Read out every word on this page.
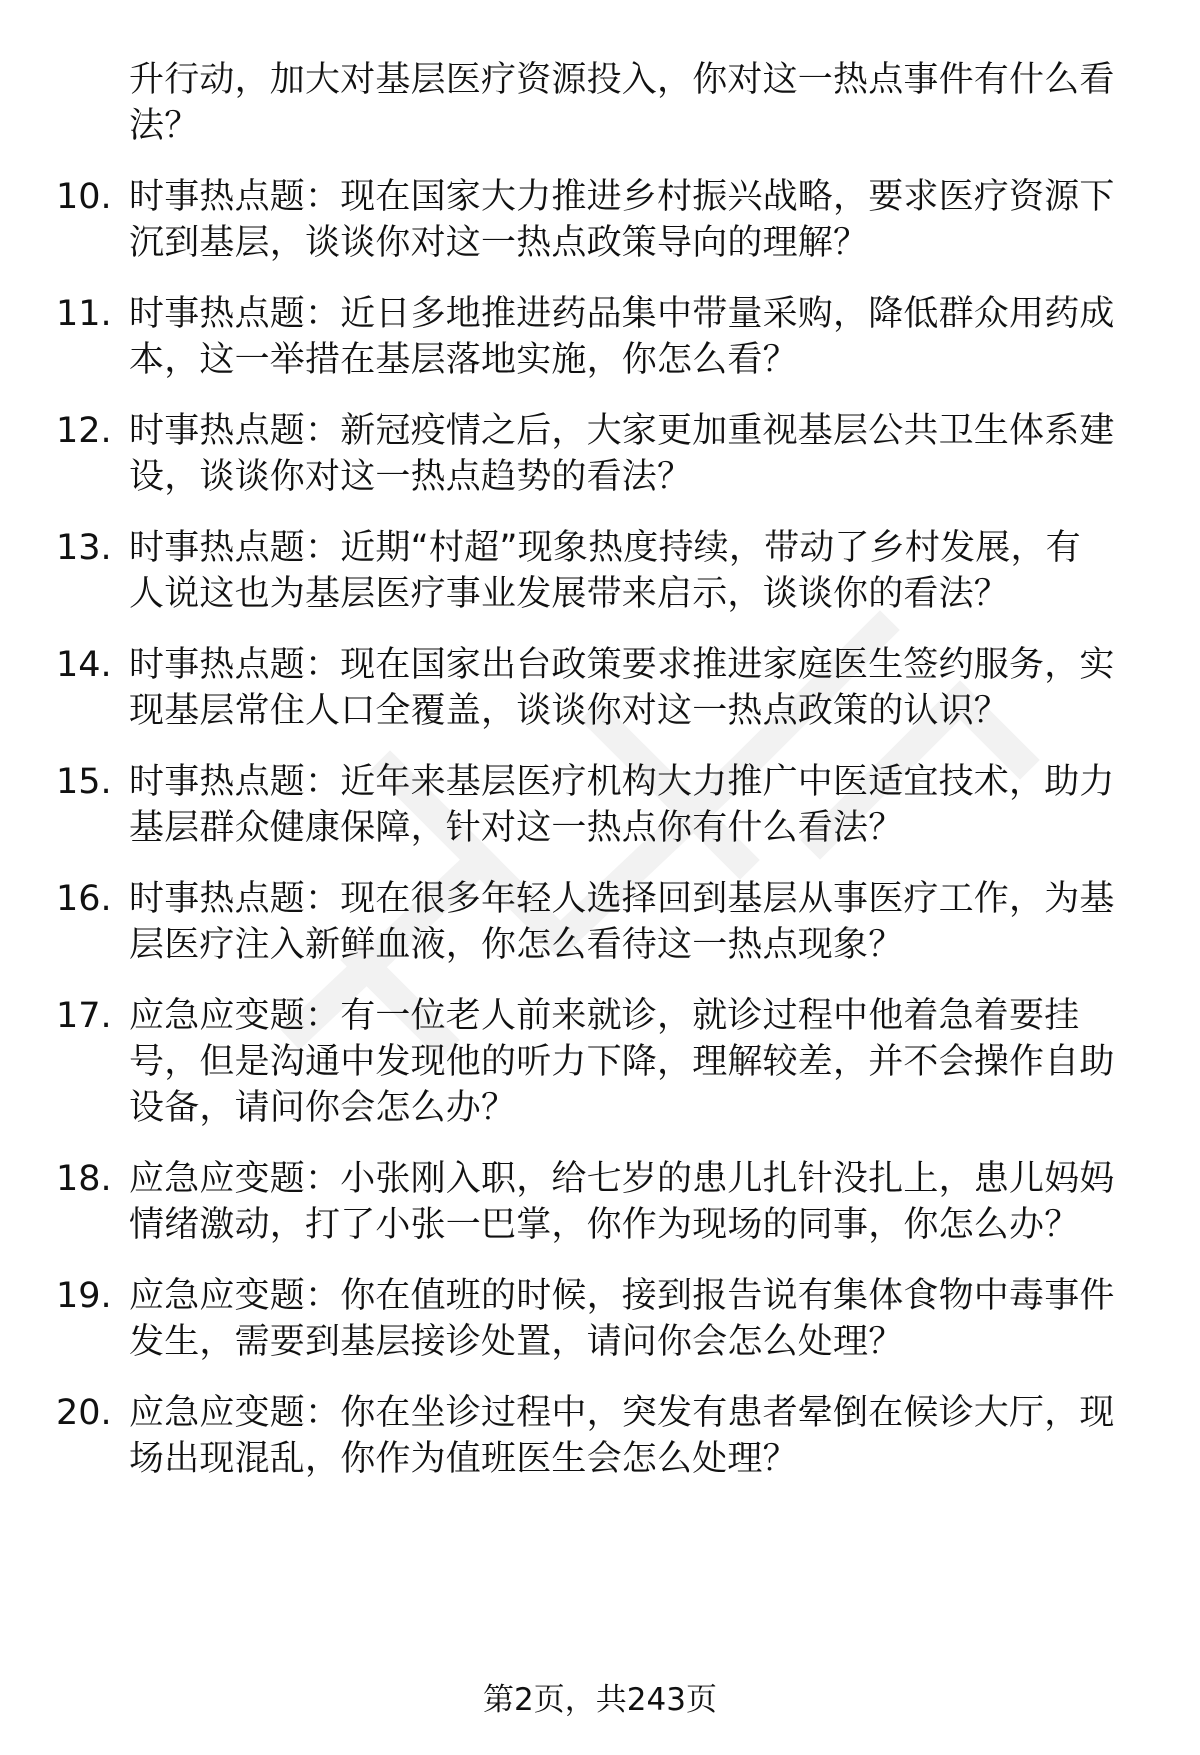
升行动，加大对基层医疗资源投入，你对这一热点事件有什么看
法？
10. 时事热点题：现在国家大力推进乡村振兴战略，要求医疗资源下
沉到基层，谈谈你对这一热点政策导向的理解？
11. 时事热点题：近日多地推进药品集中带量采购，降低群众用药成
本，这一举措在基层落地实施，你怎么看？
12. 时事热点题：新冠疫情之后，大家更加重视基层公共卫生体系建
设，谈谈你对这一热点趋势的看法？
13. 时事热点题：近期“村超”现象热度持续，带动了乡村发展，有
人说这也为基层医疗事业发展带来启示，谈谈你的看法？
14. 时事热点题：现在国家出台政策要求推进家庭医生签约服务，实
现基层常住人口全覆盖，谈谈你对这一热点政策的认识？
15. 时事热点题：近年来基层医疗机构大力推广中医适宜技术，助力
基层群众健康保障，针对这一热点你有什么看法？
16. 时事热点题：现在很多年轻人选择回到基层从事医疗工作，为基
层医疗注入新鲜血液，你怎么看待这一热点现象？
17. 应急应变题：有一位老人前来就诊，就诊过程中他着急着要挂
号，但是沟通中发现他的听力下降，理解较差，并不会操作自助
设备，请问你会怎么办？
18. 应急应变题：小张刚入职，给七岁的患儿扎针没扎上，患儿妈妈
情绪激动，打了小张一巴掌，你作为现场的同事，你怎么办？
19. 应急应变题：你在值班的时候，接到报告说有集体食物中毒事件
发生，需要到基层接诊处置，请问你会怎么处理？
20. 应急应变题：你在坐诊过程中，突发有患者晕倒在候诊大厅，现
场出现混乱，你作为值班医生会怎么处理？
第2页，共243页
